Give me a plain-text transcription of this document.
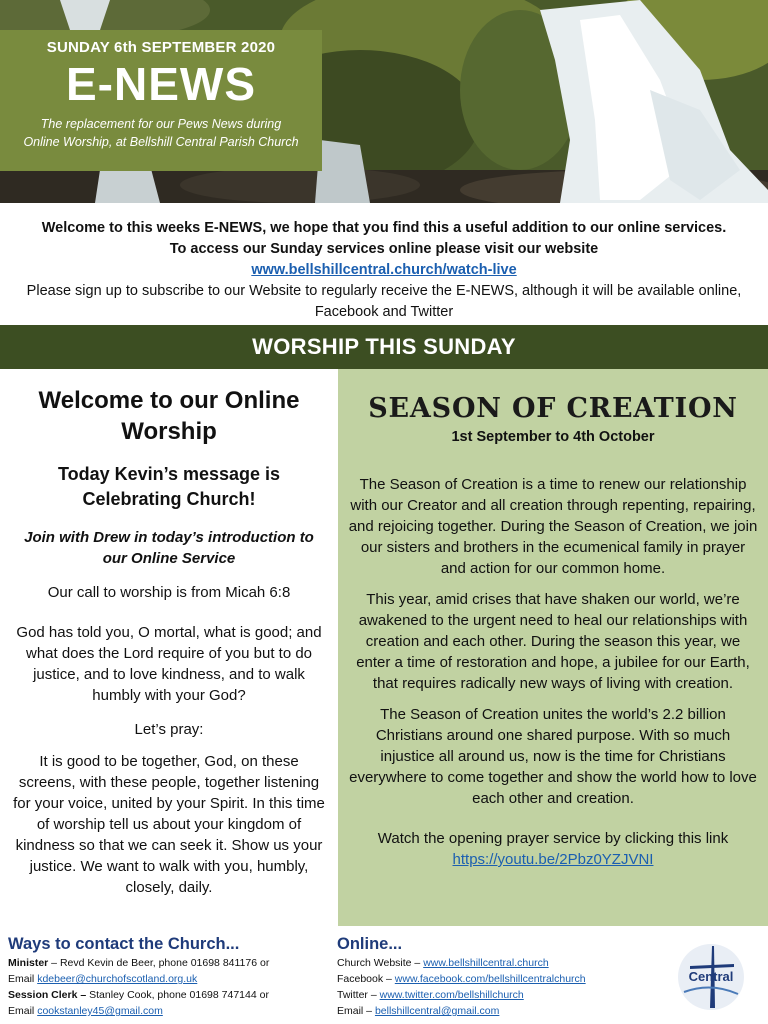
SUNDAY 6th SEPTEMBER 2020
E-NEWS
The replacement for our Pews News during
Online Worship, at Bellshill Central Parish Church
Welcome to this weeks E-NEWS, we hope that you find this a useful addition to our online services. To access our Sunday services online please visit our website
www.bellshillcentral.church/watch-live
Please sign up to subscribe to our Website to regularly receive the E-NEWS, although it will be available online, Facebook and Twitter
WORSHIP THIS SUNDAY
Welcome to our Online Worship
Today Kevin’s message is Celebrating Church!
Join with Drew in today’s introduction to our Online Service

Our call to worship is from Micah 6:8

God has told you, O mortal, what is good; and what does the Lord require of you but to do justice, and to love kindness, and to walk humbly with your God?

Let’s pray:

It is good to be together, God, on these screens, with these people, together listening for your voice, united by your Spirit. In this time of worship tell us about your kingdom of kindness so that we can seek it. Show us your justice. We want to walk with you, humbly, closely, daily.

SEASON OF CREATION
1st September to 4th October

The Season of Creation is a time to renew our relationship with our Creator and all creation through repenting, repairing, and rejoicing together. During the Season of Creation, we join our sisters and brothers in the ecumenical family in prayer and action for our common home.

This year, amid crises that have shaken our world, we’re awakened to the urgent need to heal our relationships with creation and each other. During the season this year, we enter a time of restoration and hope, a jubilee for our Earth, that requires radically new ways of living with creation.

The Season of Creation unites the world’s 2.2 billion Christians around one shared purpose. With so much injustice all around us, now is the time for Christians everywhere to come together and show the world how to love each other and creation.

Watch the opening prayer service by clicking this link

https://youtu.be/2Pbz0YZJVNI
Ways to contact the Church...
Minister – Revd Kevin de Beer, phone 01698 841176 or
Email kdebeer@churchofscotland.org.uk
Session Clerk – Stanley Cook, phone 01698 747144 or
Email cookstanley45@gmail.com
Online...
Church Website – www.bellshillcentral.church
Facebook – www.facebook.com/bellshillcentralchurch
Twitter – www.twitter.com/bellshillchurch
Email – bellshillcentral@gmail.com
Central
